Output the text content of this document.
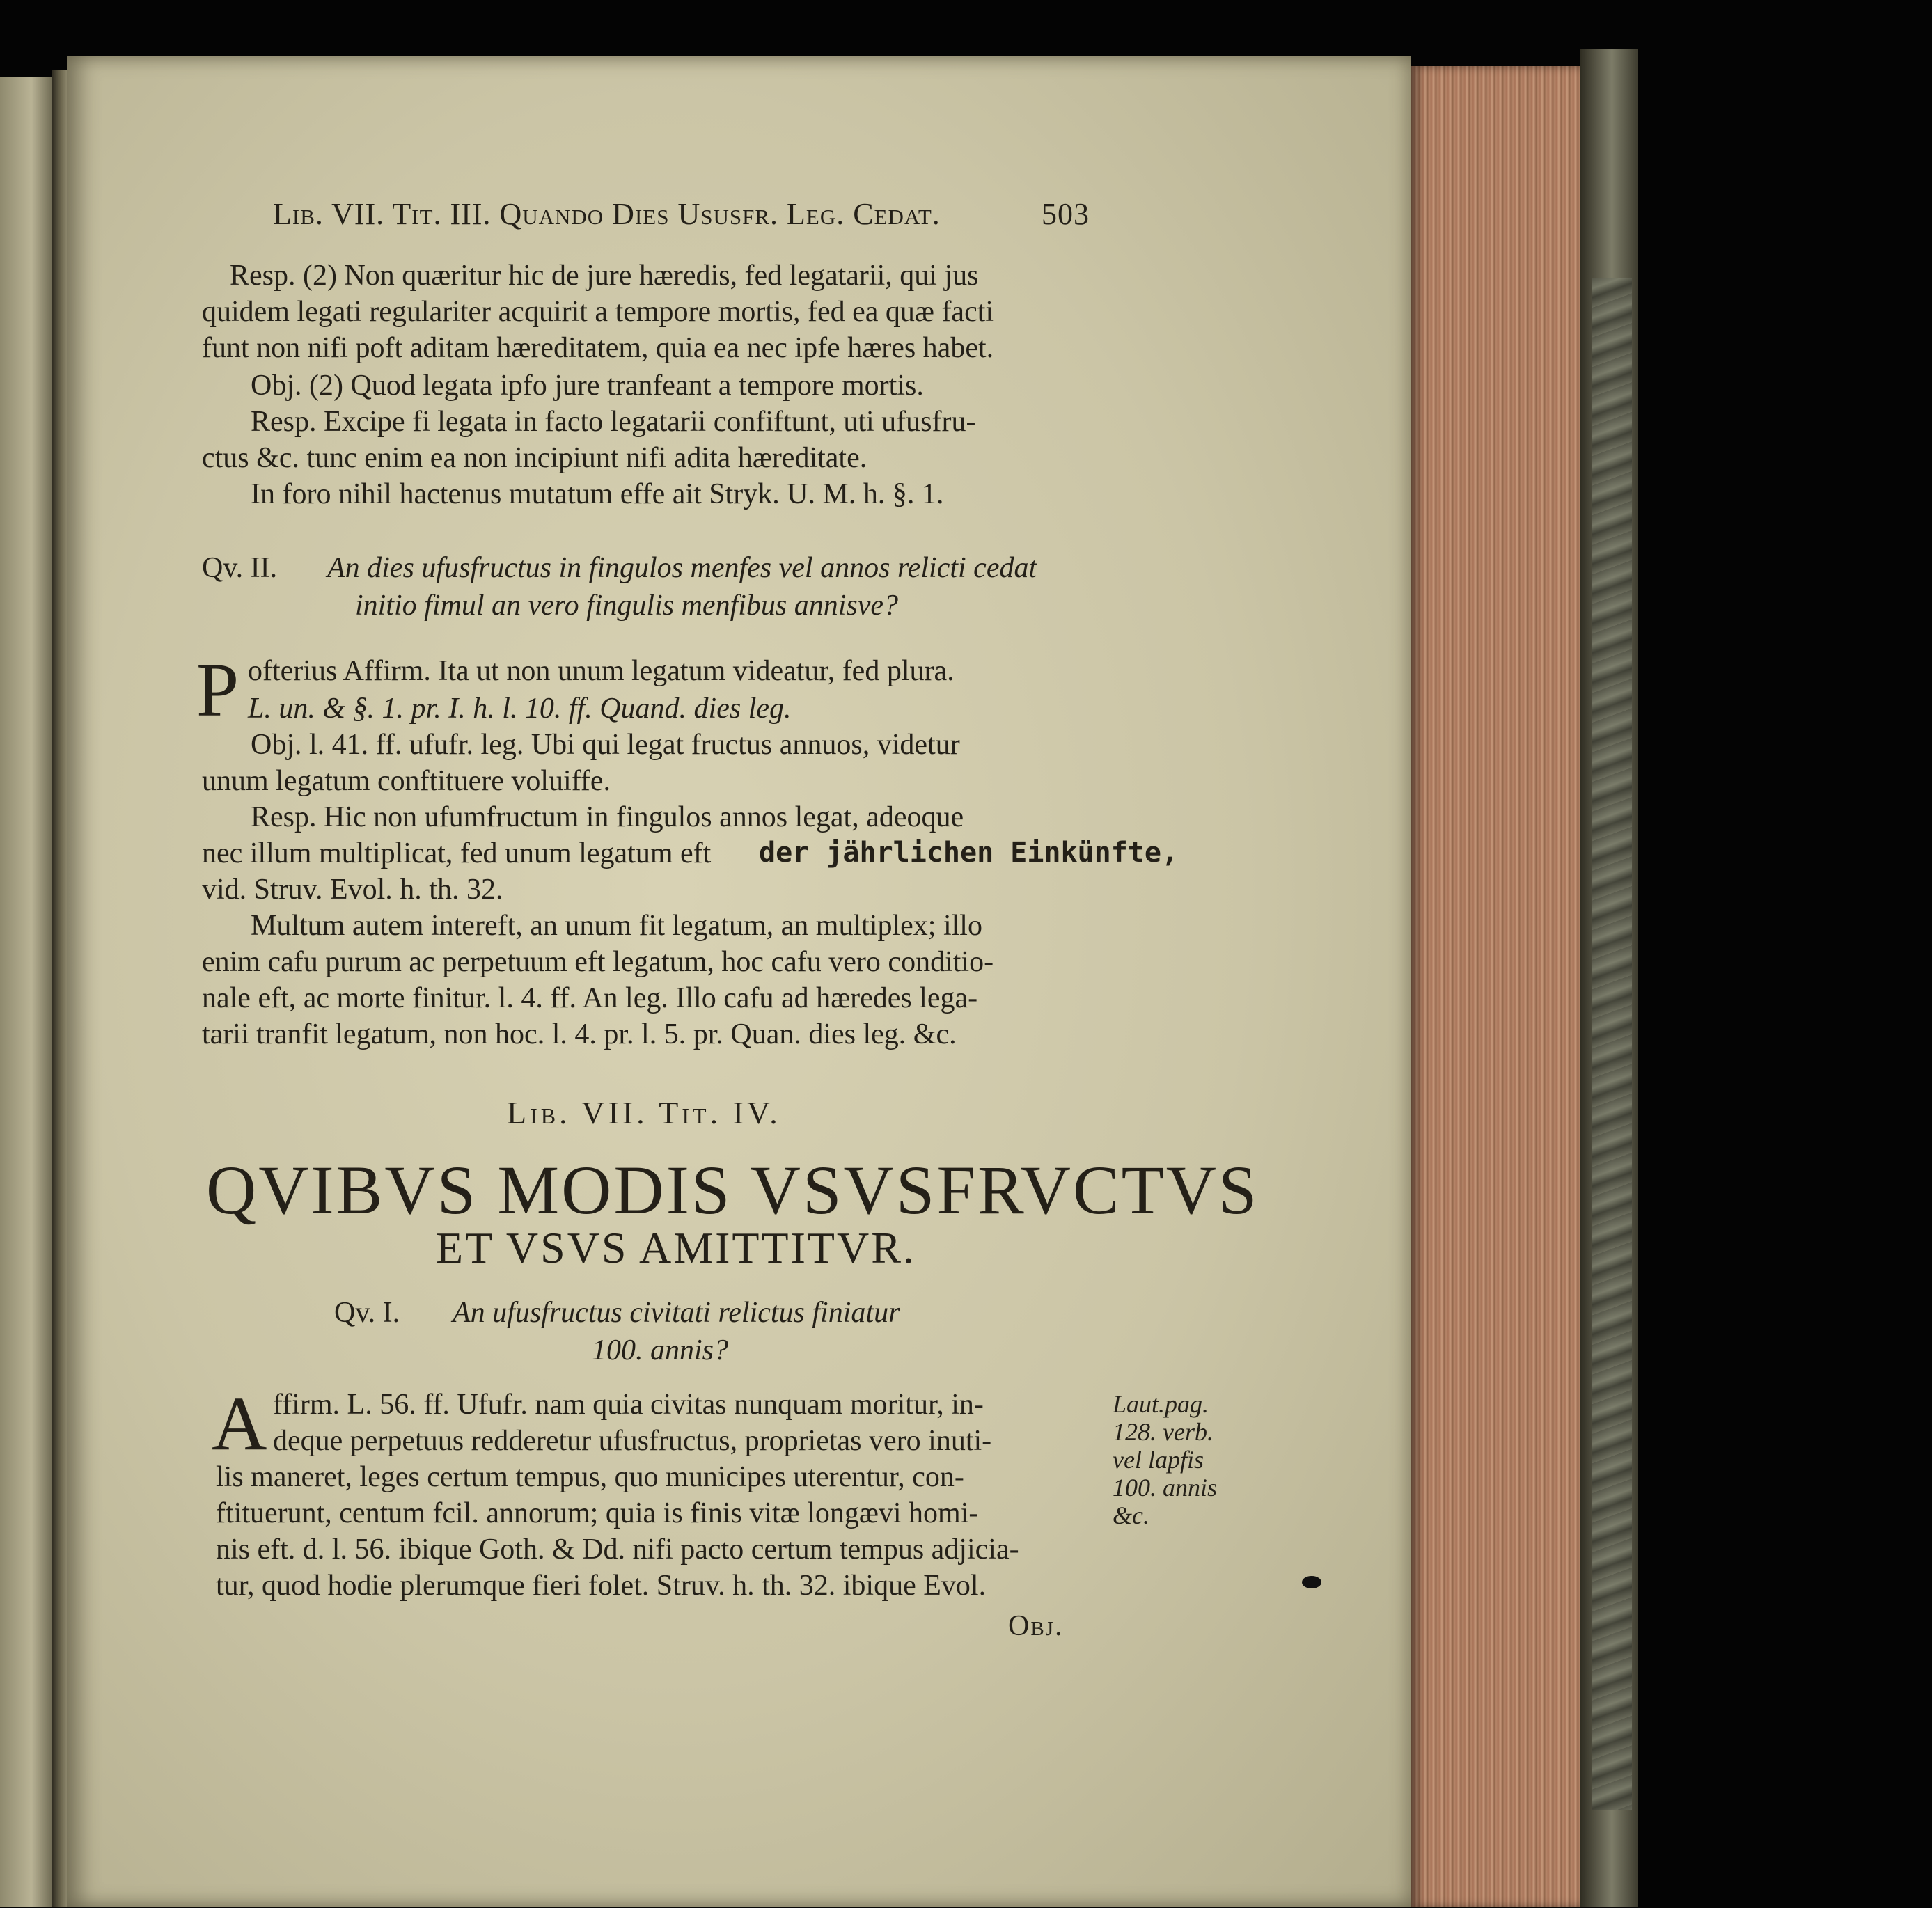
Lib. VII. Tit. III. Quando Dies Ususfr. Leg. Cedat.	503
Resp. (2) Non quæritur hic de jure hæredis, fed legatarii, qui jus
quidem legati regulariter acquirit a tempore mortis, fed ea quæ facti
funt non nifi poft aditam hæreditatem, quia ea nec ipfe hæres habet.
Obj. (2) Quod legata ipfo jure tranfeant a tempore mortis.
Resp. Excipe fi legata in facto legatarii confiftunt, uti ufusfru-
ctus &c. tunc enim ea non incipiunt nifi adita hæreditate.
In foro nihil hactenus mutatum effe ait Stryk. U. M. h. §. 1.
Qv. II. An dies ufusfructus in fingulos menfes vel annos relicti cedat
initio fimul an vero fingulis menfibus annisve?
P ofterius Affirm. Ita ut non unum legatum videatur, fed plura.
L. un. & §. 1. pr. I. h. l. 10. ff. Quand. dies leg.
Obj. l. 41. ff. ufufr. leg. Ubi qui legat fructus annuos, videtur
unum legatum conftituere voluiffe.
Resp. Hic non ufumfructum in fingulos annos legat, adeoque
nec illum multiplicat, fed unum legatum eft der jährlichen Einkünfte,
vid. Struv. Evol. h. th. 32.
Multum autem intereft, an unum fit legatum, an multiplex; illo
enim cafu purum ac perpetuum eft legatum, hoc cafu vero conditio-
nale eft, ac morte finitur. l. 4. ff. An leg. Illo cafu ad hæredes lega-
tarii tranfit legatum, non hoc. l. 4. pr. l. 5. pr. Quan. dies leg. &c.
Lib. VII. Tit. IV.
QVIBVS MODIS VSVSFRVCTVS
ET VSVS AMITTITVR.
Qv. I. An ufusfructus civitati relictus finiatur
100. annis?
A ffirm. L. 56. ff. Ufufr. nam quia civitas nunquam moritur, in-
deque perpetuus redderetur ufusfructus, proprietas vero inuti-
lis maneret, leges certum tempus, quo municipes uterentur, con-
ftituerunt, centum fcil. annorum; quia is finis vitæ longævi homi-
nis eft. d. l. 56. ibique Goth. & Dd. nifi pacto certum tempus adjicia-
tur, quod hodie plerumque fieri folet. Struv. h. th. 32. ibique Evol.
Laut.pag.
128. verb.
vel lapfis
100. annis
&c.
Obj.
